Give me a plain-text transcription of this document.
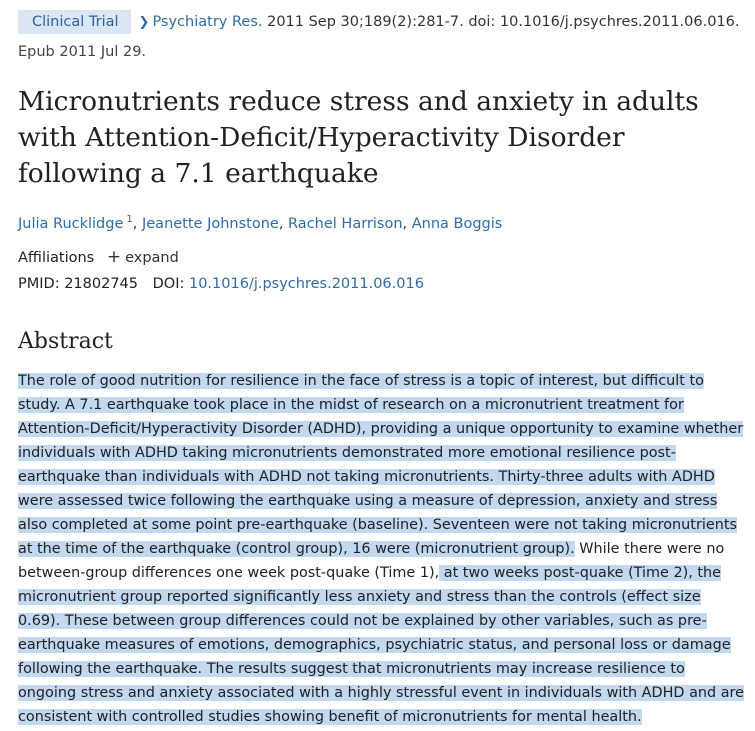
Clinical Trial ❯ Psychiatry Res. 2011 Sep 30;189(2):281-7. doi: 10.1016/j.psychres.2011.06.016.
Epub 2011 Jul 29.
Micronutrients reduce stress and anxiety in adults with Attention-Deficit/Hyperactivity Disorder following a 7.1 earthquake
Julia Rucklidge $^1$, Jeanette Johnstone, Rachel Harrison, Anna Boggis
Affiliations + expand
PMID: 21802745 DOI: 10.1016/j.psychres.2011.06.016
Abstract

The role of good nutrition for resilience in the face of stress is a topic of interest, but difficult to study. A 7.1 earthquake took place in the midst of research on a micronutrient treatment for Attention-Deficit/Hyperactivity Disorder (ADHD), providing a unique opportunity to examine whether individuals with ADHD taking micronutrients demonstrated more emotional resilience post-earthquake than individuals with ADHD not taking micronutrients. Thirty-three adults with ADHD were assessed twice following the earthquake using a measure of depression, anxiety and stress also completed at some point pre-earthquake (baseline). Seventeen were not taking micronutrients at the time of the earthquake (control group), 16 were (micronutrient group). While there were no between-group differences one week post-quake (Time 1), at two weeks post-quake (Time 2), the micronutrient group reported significantly less anxiety and stress than the controls (effect size 0.69). These between group differences could not be explained by other variables, such as pre-earthquake measures of emotions, demographics, psychiatric status, and personal loss or damage following the earthquake. The results suggest that micronutrients may increase resilience to ongoing stress and anxiety associated with a highly stressful event in individuals with ADHD and are consistent with controlled studies showing benefit of micronutrients for mental health.
